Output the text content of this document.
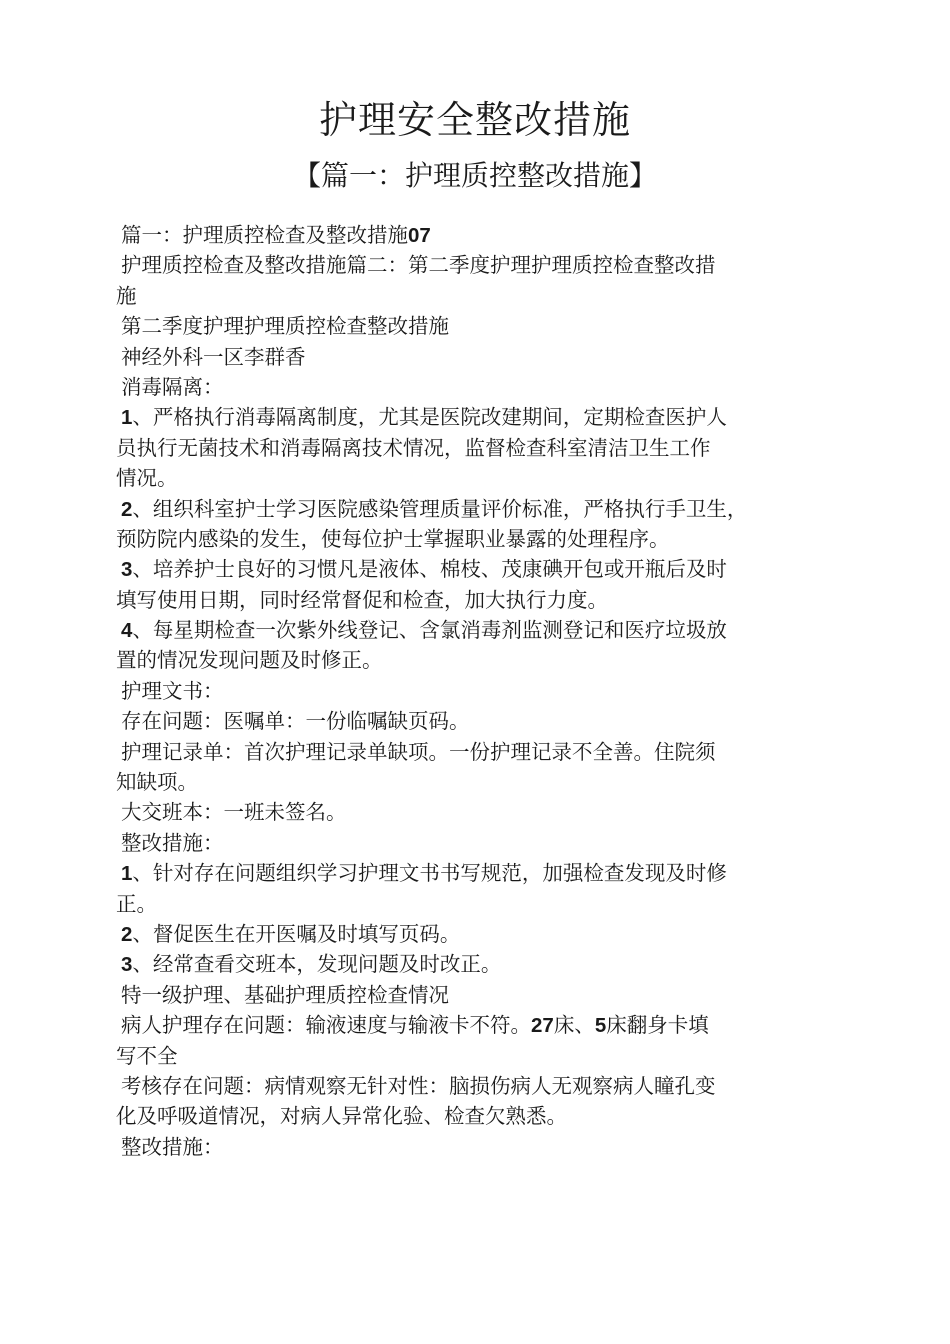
护理安全整改措施
【篇一：护理质控整改措施】
篇一：护理质控检查及整改措施07
护理质控检查及整改措施篇二：第二季度护理护理质控检查整改措
施
第二季度护理护理质控检查整改措施
神经外科一区李群香
消毒隔离：
1、严格执行消毒隔离制度，尤其是医院改建期间，定期检查医护人
员执行无菌技术和消毒隔离技术情况，监督检查科室清洁卫生工作
情况。
2、组织科室护士学习医院感染管理质量评价标准，严格执行手卫生，
预防院内感染的发生，使每位护士掌握职业暴露的处理程序。
3、培养护士良好的习惯凡是液体、棉枝、茂康碘开包或开瓶后及时
填写使用日期，同时经常督促和检查，加大执行力度。
4、每星期检查一次紫外线登记、含氯消毒剂监测登记和医疗垃圾放
置的情况发现问题及时修正。
护理文书：
存在问题：医嘱单：一份临嘱缺页码。
护理记录单：首次护理记录单缺项。一份护理记录不全善。住院须
知缺项。
大交班本：一班未签名。
整改措施：
1、针对存在问题组织学习护理文书书写规范，加强检查发现及时修
正。
2、督促医生在开医嘱及时填写页码。
3、经常查看交班本，发现问题及时改正。
特一级护理、基础护理质控检查情况
病人护理存在问题：输液速度与输液卡不符。27床、5床翻身卡填
写不全
考核存在问题：病情观察无针对性：脑损伤病人无观察病人瞳孔变
化及呼吸道情况，对病人异常化验、检查欠熟悉。
整改措施：
